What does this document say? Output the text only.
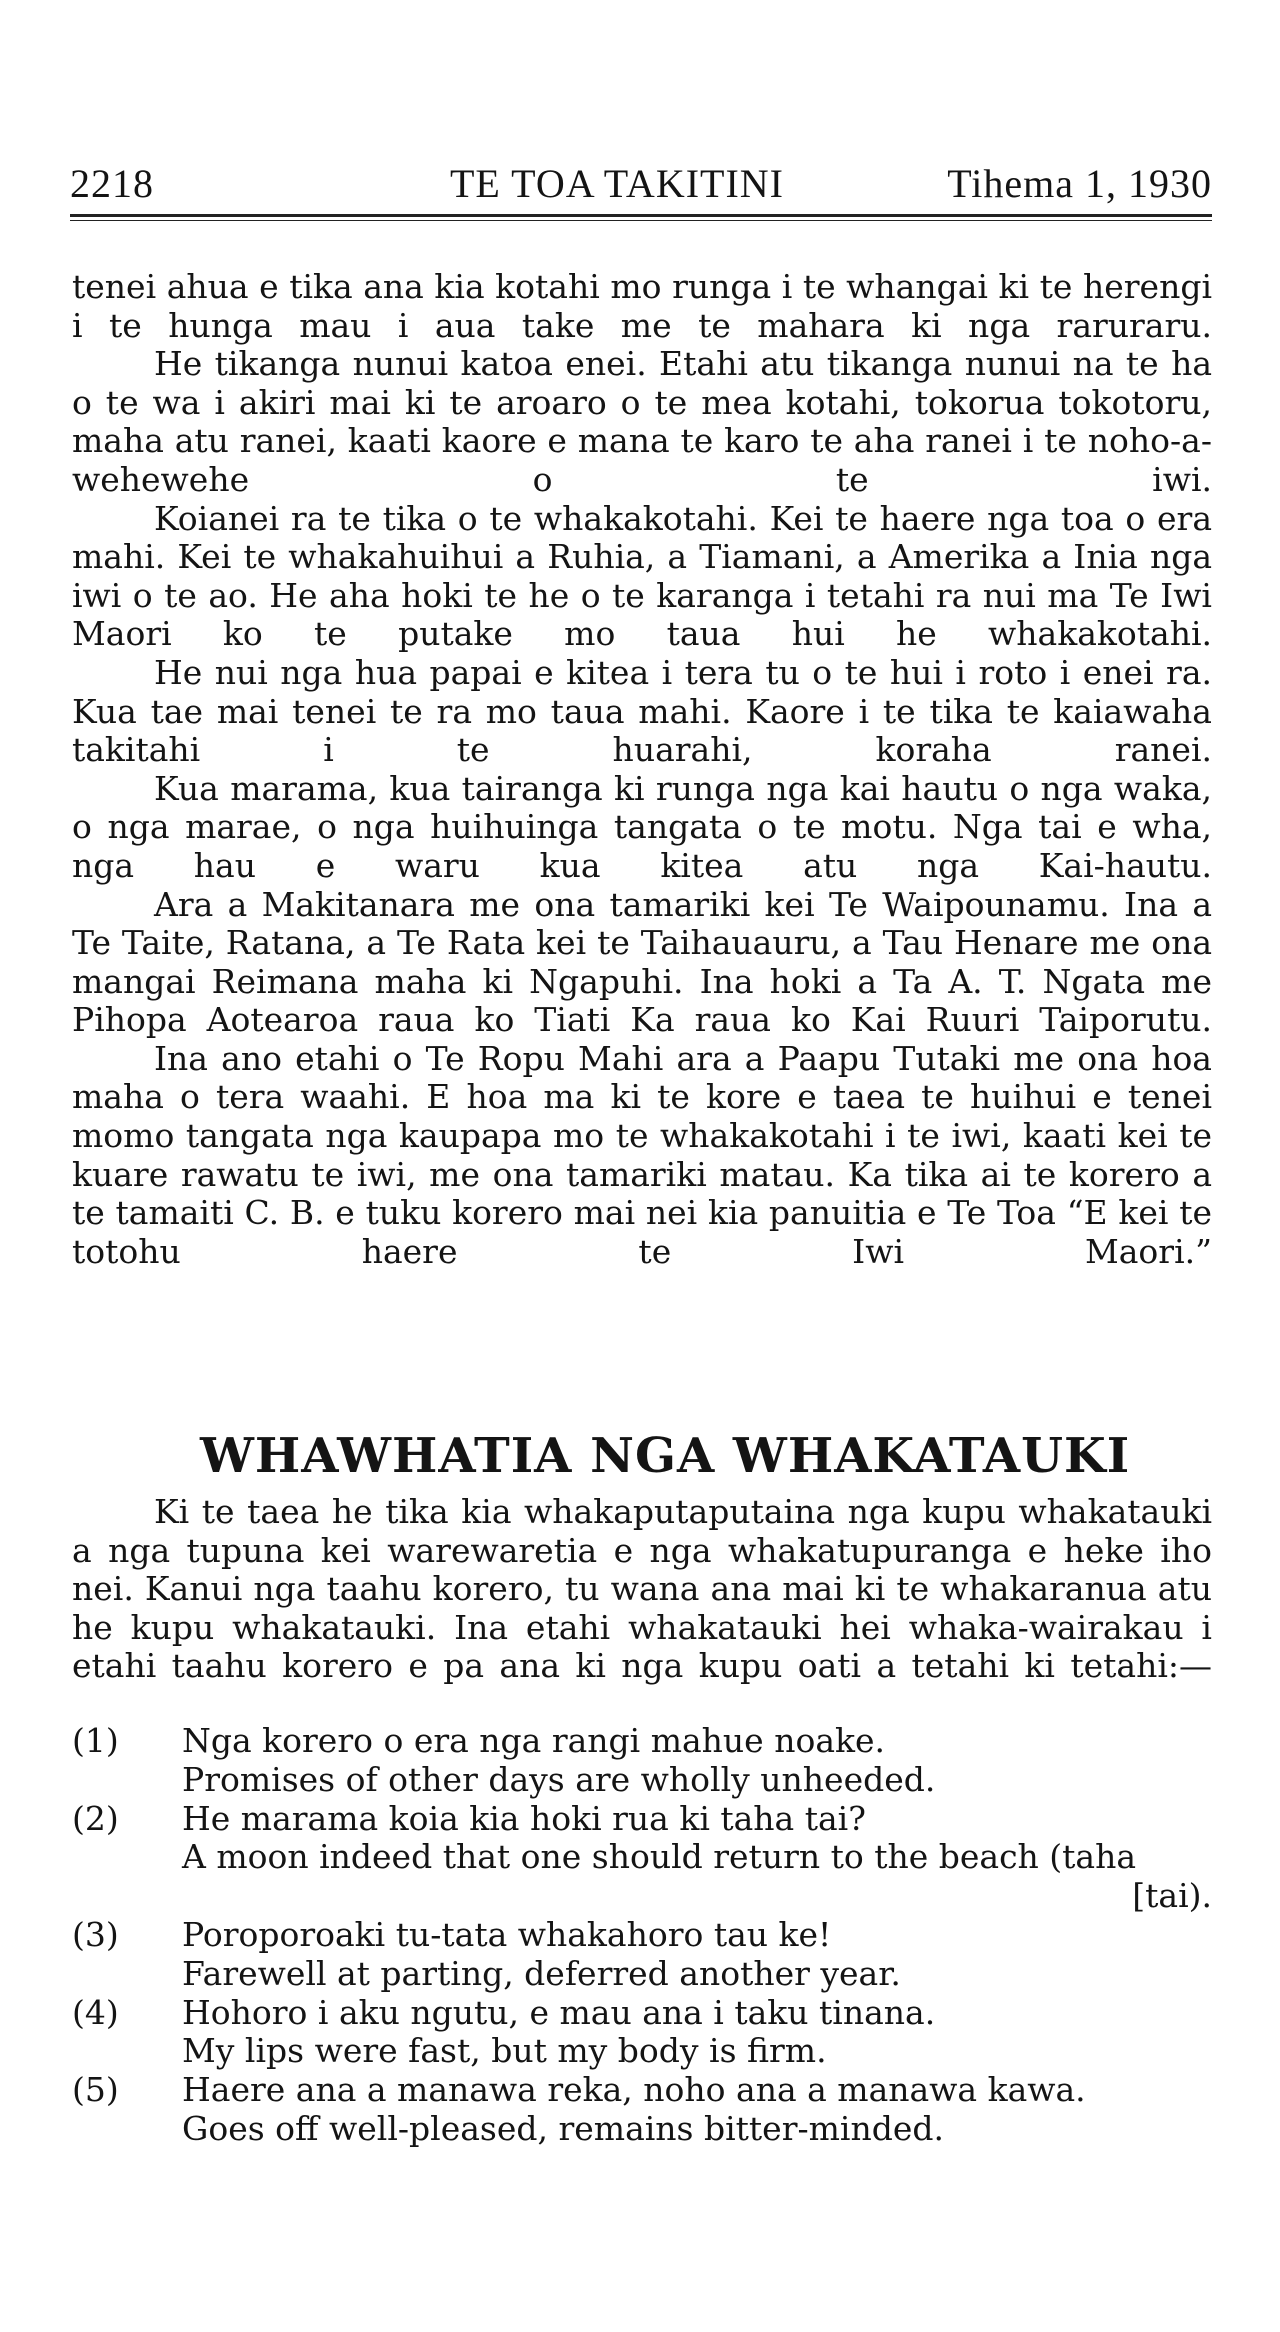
2218	TE TOA TAKITINI	Tihema 1, 1930

tenei ahua e tika ana kia kotahi mo runga i te whangai ki te herengi i te hunga mau i aua take me te mahara ki nga raruraru.

He tikanga nunui katoa enei. Etahi atu tikanga nunui na te ha o te wa i akiri mai ki te aroaro o te mea kotahi, tokorua tokotoru, maha atu ranei, kaati kaore e mana te karo te aha ranei i te noho-a-wehewehe o te iwi.

Koianei ra te tika o te whakakotahi. Kei te haere nga toa o era mahi. Kei te whakahuihui a Ruhia, a Tiamani, a Amerika a Inia nga iwi o te ao. He aha hoki te he o te karanga i tetahi ra nui ma Te Iwi Maori ko te putake mo taua hui he whakakotahi.

He nui nga hua papai e kitea i tera tu o te hui i roto i enei ra. Kua tae mai tenei te ra mo taua mahi. Kaore i te tika te kaiawaha takitahi i te huarahi, koraha ranei.

Kua marama, kua tairanga ki runga nga kai hautu o nga waka, o nga marae, o nga huihuinga tangata o te motu. Nga tai e wha, nga hau e waru kua kitea atu nga Kai-hautu.

Ara a Makitanara me ona tamariki kei Te Waipounamu. Ina a Te Taite, Ratana, a Te Rata kei te Taihauauru, a Tau Henare me ona mangai Reimana maha ki Ngapuhi. Ina hoki a Ta A. T. Ngata me Pihopa Aotearoa raua ko Tiati Ka raua ko Kai Ruuri Taiporutu.

Ina ano etahi o Te Ropu Mahi ara a Paapu Tutaki me ona hoa maha o tera waahi. E hoa ma ki te kore e taea te huihui e tenei momo tangata nga kaupapa mo te whakakotahi i te iwi, kaati kei te kuare rawatu te iwi, me ona tamariki matau. Ka tika ai te korero a te tamaiti C. B. e tuku korero mai nei kia panuitia e Te Toa “E kei te totohu haere te Iwi Maori.”

WHAWHATIA NGA WHAKATAUKI

Ki te taea he tika kia whakaputaputaina nga kupu whakatauki a nga tupuna kei warewaretia e nga whakatupuranga e heke iho nei. Kanui nga taahu korero, tu wana ana mai ki te whakaranua atu he kupu whakatauki. Ina etahi whakatauki hei whaka-wairakau i etahi taahu korero e pa ana ki nga kupu oati a tetahi ki tetahi:—

(1)	Nga korero o era nga rangi mahue noake.
Promises of other days are wholly unheeded.
(2)	He marama koia kia hoki rua ki taha tai?
A moon indeed that one should return to the beach (taha
[tai).
(3)	Poroporoaki tu-tata whakahoro tau ke!
Farewell at parting, deferred another year.
(4)	Hohoro i aku ngutu, e mau ana i taku tinana.
My lips were fast, but my body is firm.
(5)	Haere ana a manawa reka, noho ana a manawa kawa.
Goes off well-pleased, remains bitter-minded.
